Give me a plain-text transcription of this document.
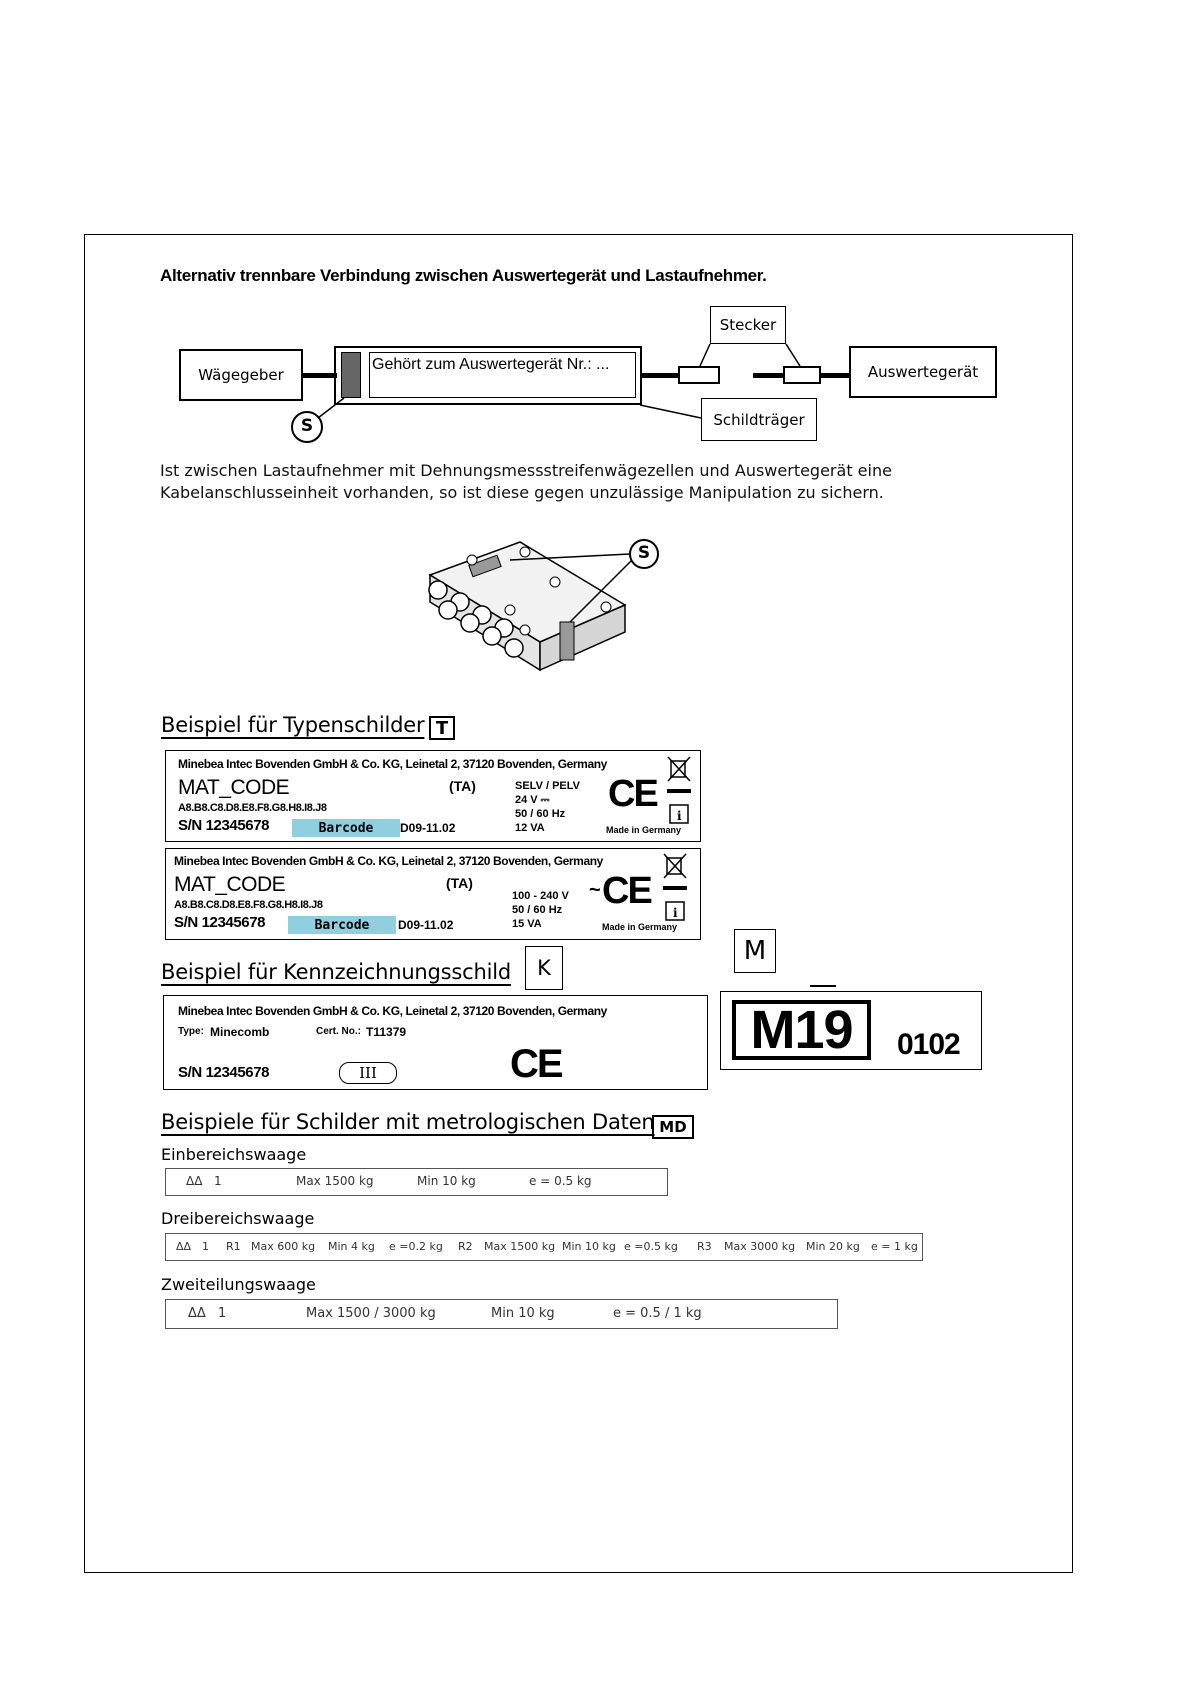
Alternativ trennbare Verbindung zwischen Auswertegerät und Lastaufnehmer.
Wägegeber
Gehört zum Auswertegerät Nr.: ...	Auswertegerät
Stecker
Schildträger
S
Ist zwischen Lastaufnehmer mit Dehnungsmessstreifenwägezellen und Auswertegerät eine
Kabelanschlusseinheit vorhanden, so ist diese gegen unzulässige Manipulation zu sichern.
S
Beispiel für Typenschilder T
Minebea Intec Bovenden GmbH & Co. KG, Leinetal 2, 37120 Bovenden, Germany
MAT_CODE	(TA)
A8.B8.C8.D8.E8.F8.G8.H8.I8.J8
S/N 12345678	Barcode	D09-11.02
SELV / PELV
24 V ⎓
50 / 60 Hz
12 VA
CE
Made in Germany
i
Minebea Intec Bovenden GmbH & Co. KG, Leinetal 2, 37120 Bovenden, Germany
MAT_CODE	(TA)
A8.B8.C8.D8.E8.F8.G8.H8.I8.J8
S/N 12345678	Barcode	D09-11.02
100 - 240 V
50 / 60 Hz
15 VA
~ CE
Made in Germany
i
Beispiel für Kennzeichnungsschild	K
Minebea Intec Bovenden GmbH & Co. KG, Leinetal 2, 37120 Bovenden, Germany
Type: Minecomb	Cert. No.: T11379
S/N 12345678	III	CE
M
M19	0102
Beispiele für Schilder mit metrologischen Daten MD
Einbereichswaage
ΔΔ 1	Max 1500 kg	Min 10 kg	e = 0.5 kg
Dreibereichswaage
ΔΔ 1 R1 Max 600 kg Min 4 kg e =0.2 kg R2 Max 1500 kg Min 10 kg e =0.5 kg R3 Max 3000 kg Min 20 kg e = 1 kg
Zweiteilungswaage
ΔΔ 1	Max 1500 / 3000 kg	Min 10 kg	e = 0.5 / 1 kg
